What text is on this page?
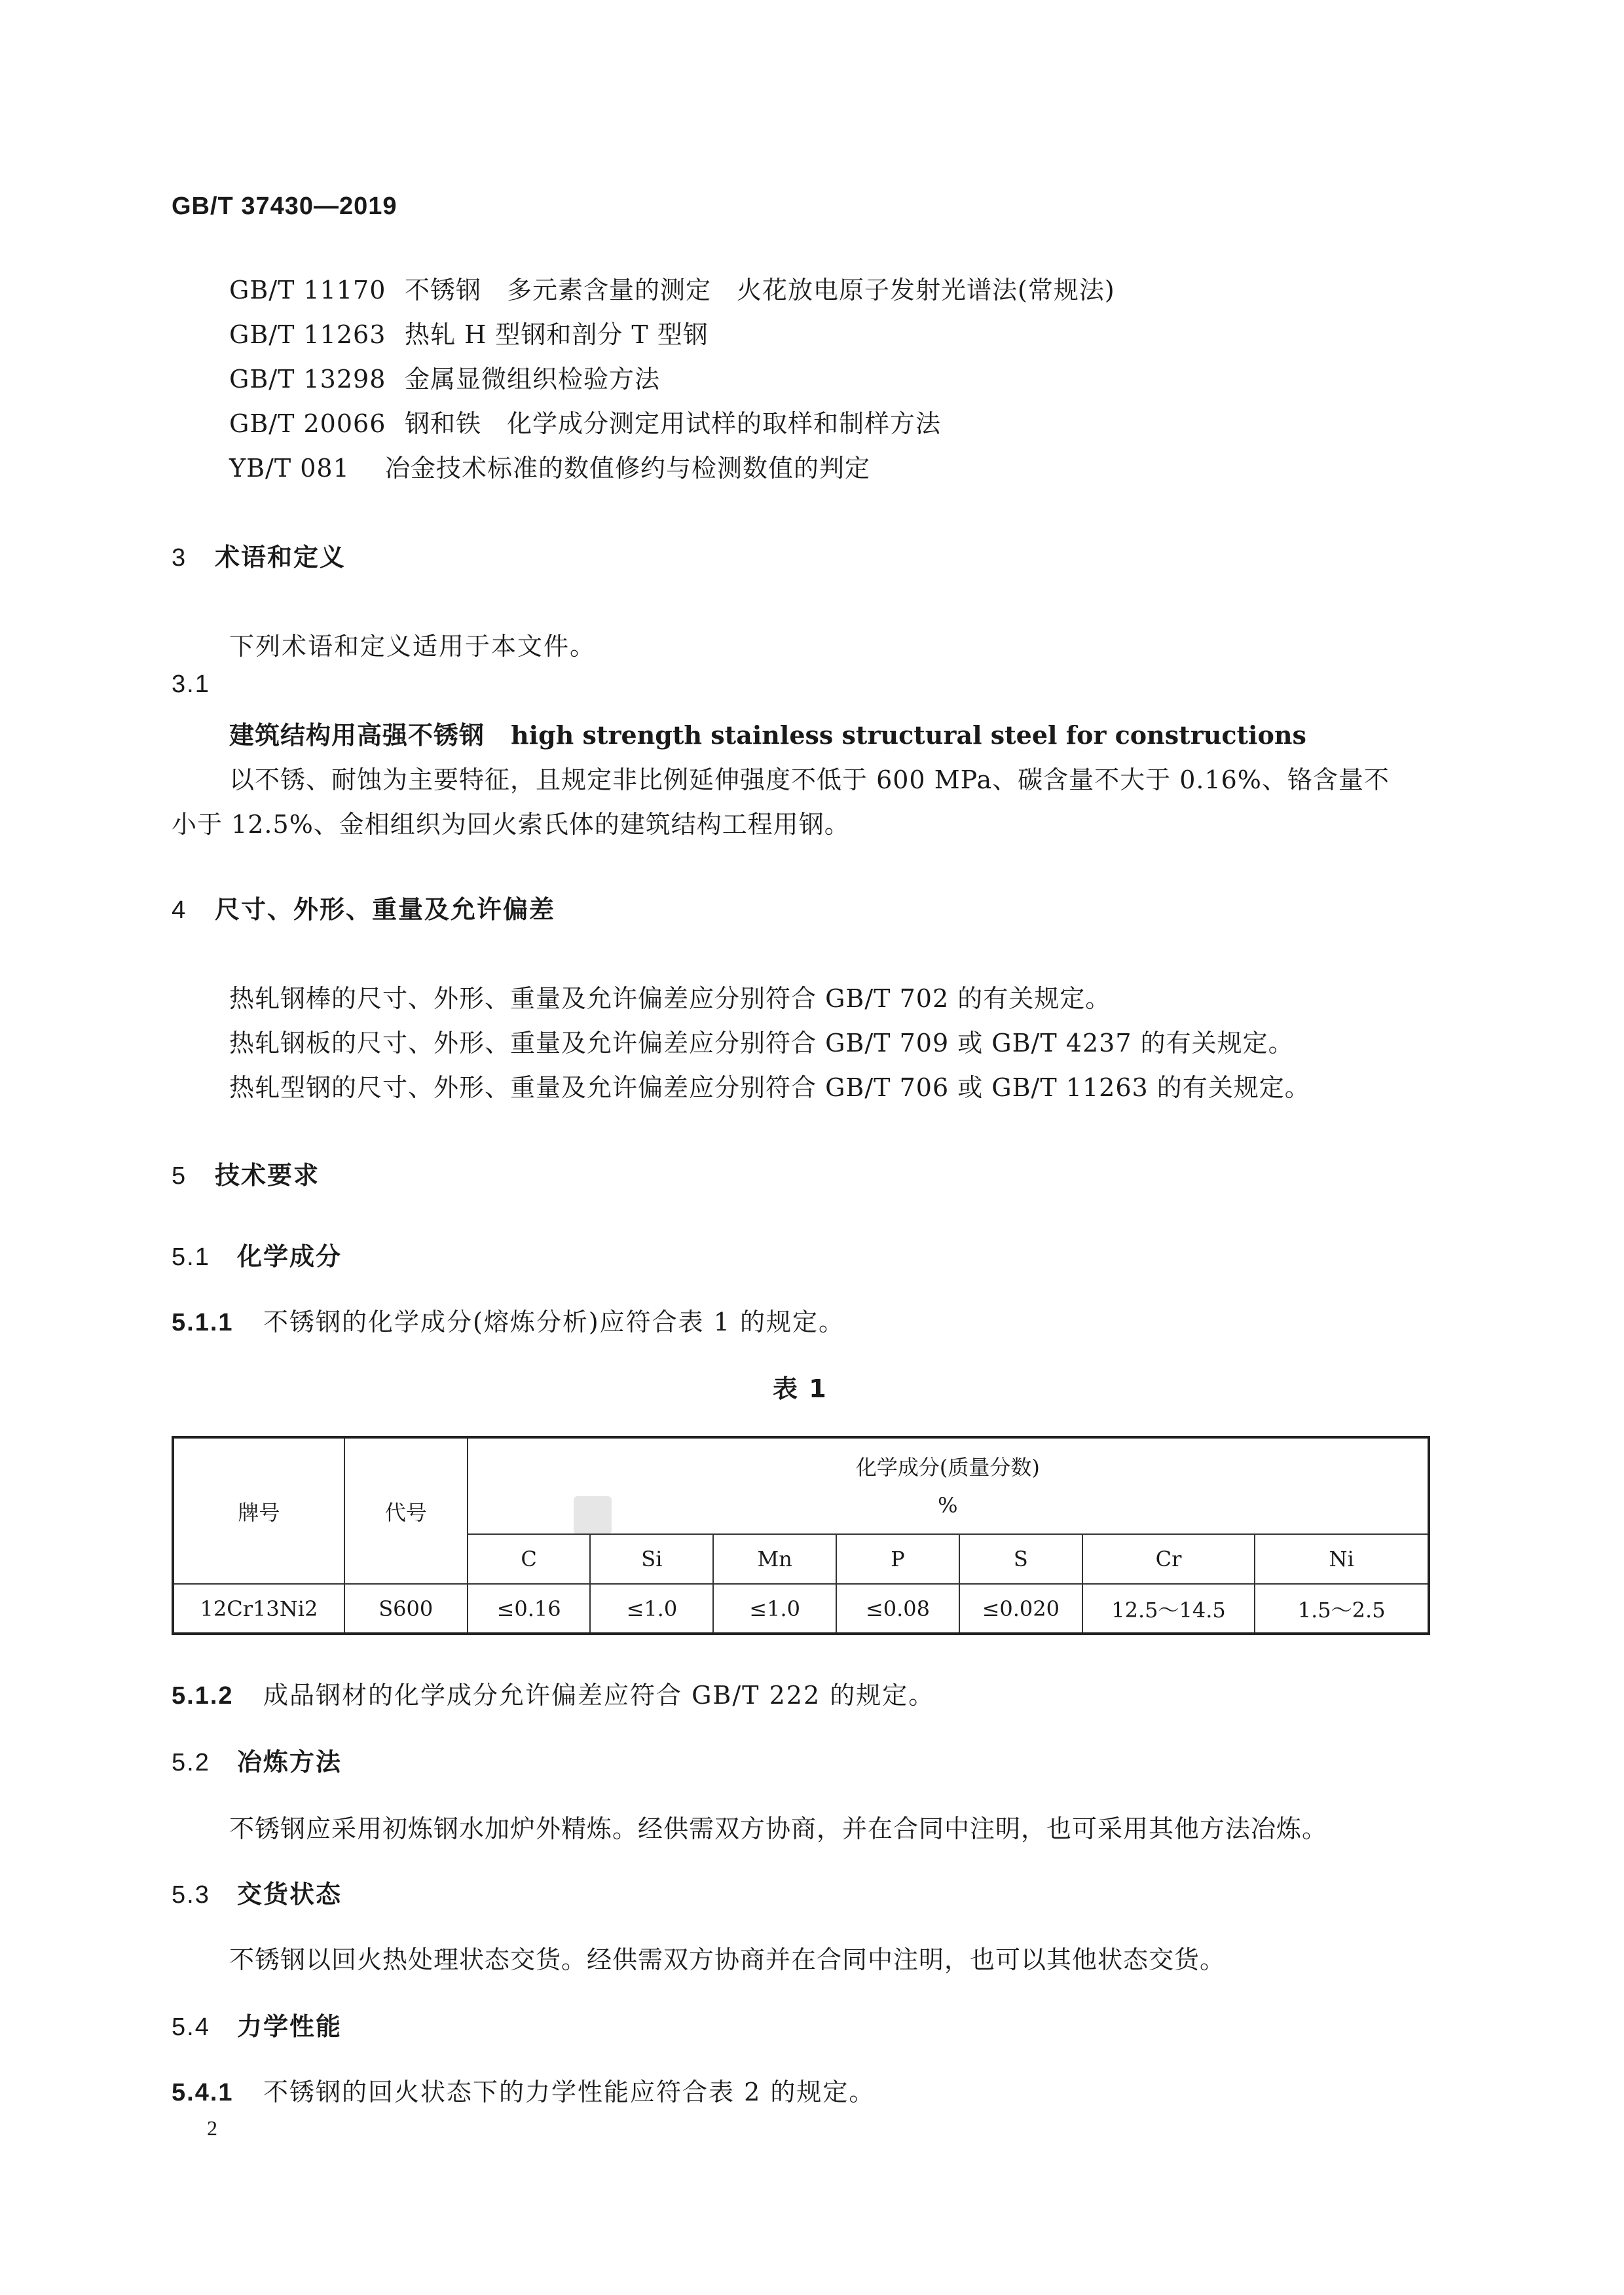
GB/T 37430—2019
GB/T 11170 不锈钢　多元素含量的测定　火花放电原子发射光谱法(常规法)
GB/T 11263 热轧 H 型钢和剖分 T 型钢
GB/T 13298 金属显微组织检验方法
GB/T 20066 钢和铁　化学成分测定用试样的取样和制样方法
YB/T 081 冶金技术标准的数值修约与检测数值的判定
3 术语和定义
下列术语和定义适用于本文件。
3.1
建筑结构用高强不锈钢 high strength stainless structural steel for constructions
以不锈、耐蚀为主要特征，且规定非比例延伸强度不低于 600 MPa、碳含量不大于 0.16%、铬含量不
小于 12.5%、金相组织为回火索氏体的建筑结构工程用钢。
4 尺寸、外形、重量及允许偏差
热轧钢棒的尺寸、外形、重量及允许偏差应分别符合 GB/T 702 的有关规定。
热轧钢板的尺寸、外形、重量及允许偏差应分别符合 GB/T 709 或 GB/T 4237 的有关规定。
热轧型钢的尺寸、外形、重量及允许偏差应分别符合 GB/T 706 或 GB/T 11263 的有关规定。
5 技术要求
5.1 化学成分
5.1.1 不锈钢的化学成分(熔炼分析)应符合表 1 的规定。
表 1
牌号	代号	化学成分(质量分数)
%						

		C	Si	Mn	P	S	Cr	Ni
12Cr13Ni2	S600	≤0.16	≤1.0	≤1.0	≤0.08	≤0.020	12.5～14.5	1.5～2.5
5.1.2 成品钢材的化学成分允许偏差应符合 GB/T 222 的规定。
5.2 冶炼方法
不锈钢应采用初炼钢水加炉外精炼。经供需双方协商，并在合同中注明，也可采用其他方法冶炼。
5.3 交货状态
不锈钢以回火热处理状态交货。经供需双方协商并在合同中注明，也可以其他状态交货。
5.4 力学性能
5.4.1 不锈钢的回火状态下的力学性能应符合表 2 的规定。
2
